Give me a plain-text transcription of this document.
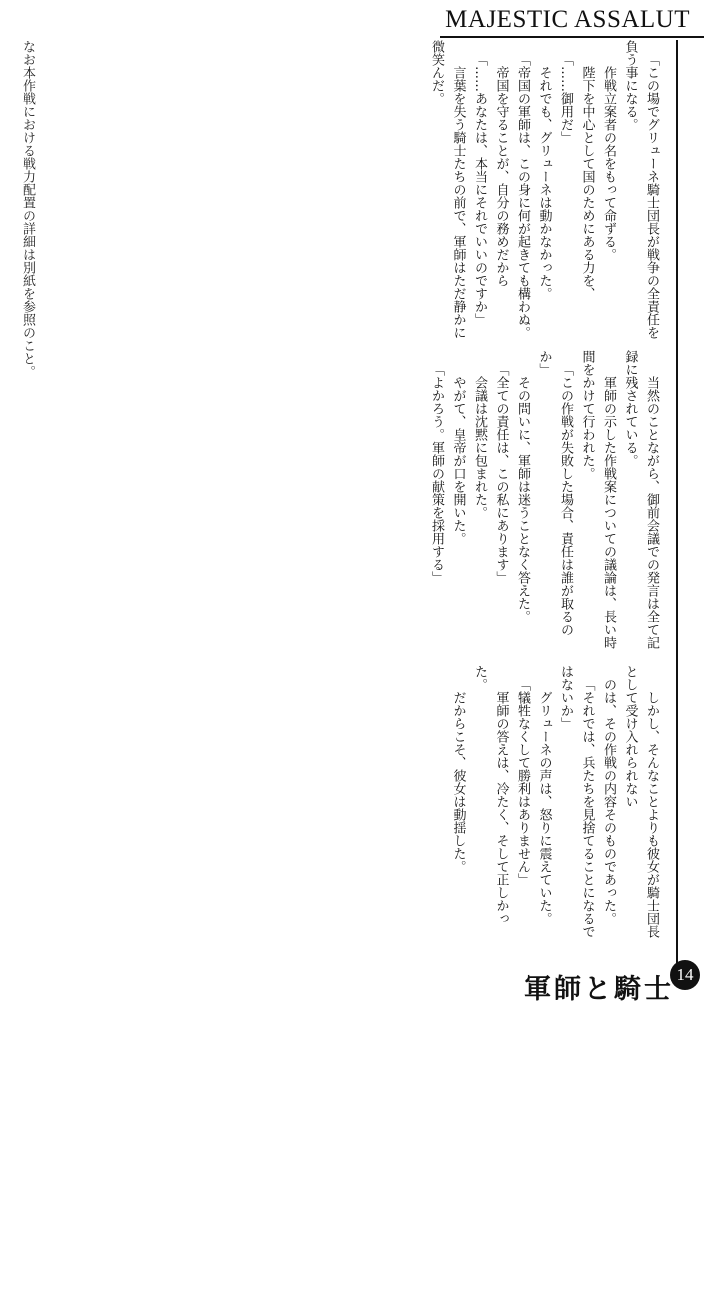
MAJESTIC ASSALUT

「この場でグリューネ騎士団長が戦争の全責任を負う事になる。

　作戦立案者の名をもって命ずる。

　陛下を中心として国のためにある力を、

「……御用だ」

　それでも、グリューネは動かなかった。

「帝国の軍師は、この身に何が起きても構わぬ。

　帝国を守ることが、自分の務めだから

「……あなたは、本当にそれでいいのですか」

　言葉を失う騎士たちの前で、軍師はただ静かに微笑んだ。

　当然のことながら、御前会議での発言は全て記録に残されている。

　軍師の示した作戦案についての議論は、長い時間をかけて行われた。

「この作戦が失敗した場合、責任は誰が取るのか」

　その問いに、軍師は迷うことなく答えた。

「全ての責任は、この私にあります」

　会議は沈黙に包まれた。

　やがて、皇帝が口を開いた。

「よかろう。軍師の献策を採用する」

　しかし、そんなことよりも彼女が騎士団長として受け入れられない

のは、その作戦の内容そのものであった。

「それでは、兵たちを見捨てることになるではないか」

　グリューネの声は、怒りに震えていた。

「犠牲なくして勝利はありません」

　軍師の答えは、冷たく、そして正しかった。

　だからこそ、彼女は動揺した。

なお本作戦における戦力配置の詳細は別紙を参照のこと。
14
軍師と騎士
